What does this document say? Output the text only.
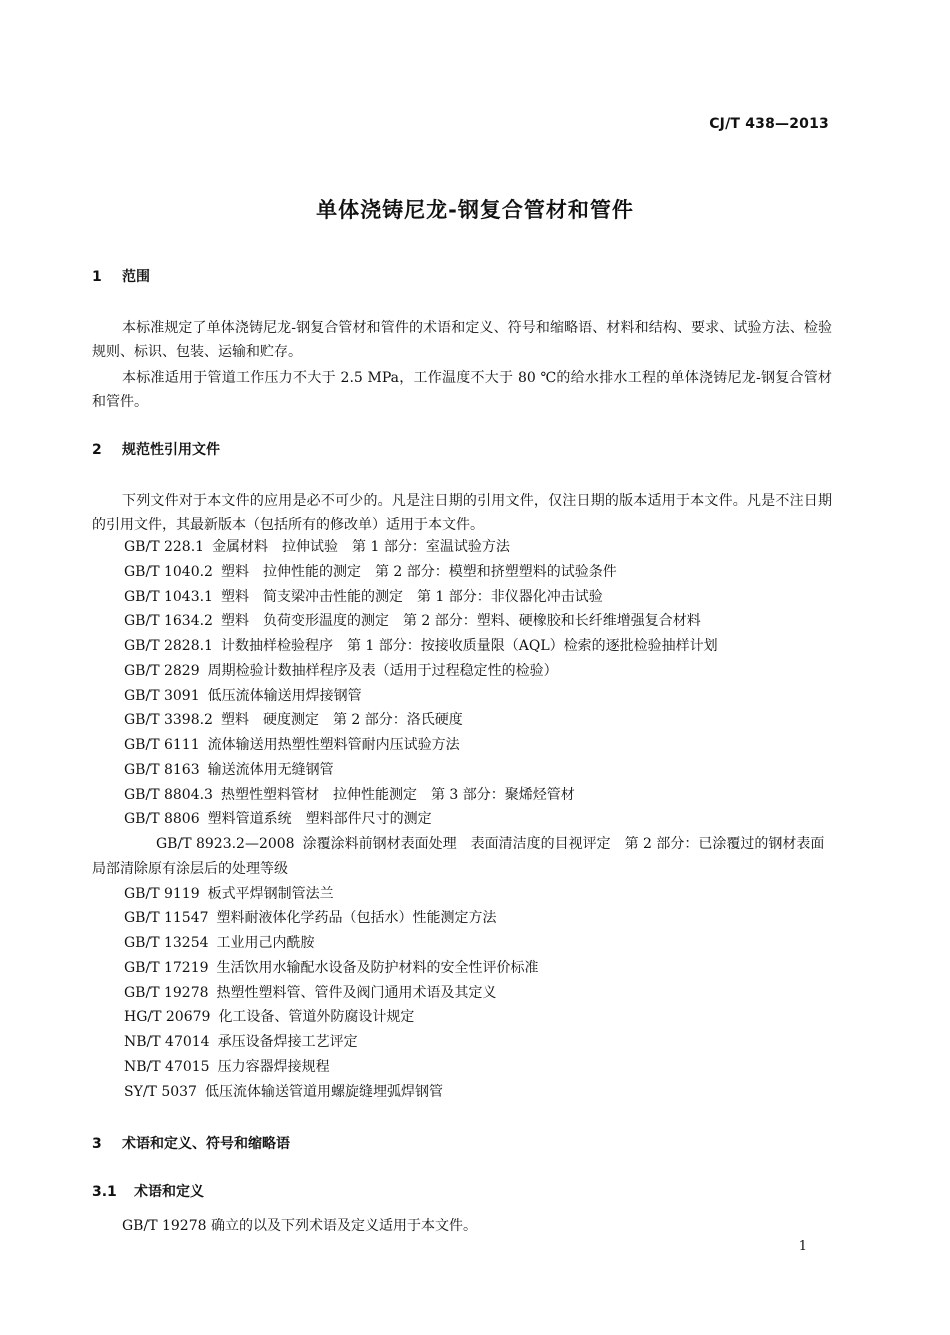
CJ/T 438—2013
单体浇铸尼龙-钢复合管材和管件
1 范围
本标准规定了单体浇铸尼龙-钢复合管材和管件的术语和定义、符号和缩略语、材料和结构、要求、试验方法、检验规则、标识、包装、运输和贮存。
本标准适用于管道工作压力不大于 2.5 MPa，工作温度不大于 80 ℃的给水排水工程的单体浇铸尼龙-钢复合管材和管件。
2 规范性引用文件
下列文件对于本文件的应用是必不可少的。凡是注日期的引用文件，仅注日期的版本适用于本文件。凡是不注日期的引用文件，其最新版本（包括所有的修改单）适用于本文件。
GB/T 228.1 金属材料　拉伸试验　第 1 部分：室温试验方法
GB/T 1040.2 塑料　拉伸性能的测定　第 2 部分：模塑和挤塑塑料的试验条件
GB/T 1043.1 塑料　简支梁冲击性能的测定　第 1 部分：非仪器化冲击试验
GB/T 1634.2 塑料　负荷变形温度的测定　第 2 部分：塑料、硬橡胶和长纤维增强复合材料
GB/T 2828.1 计数抽样检验程序　第 1 部分：按接收质量限（AQL）检索的逐批检验抽样计划
GB/T 2829 周期检验计数抽样程序及表（适用于过程稳定性的检验）
GB/T 3091 低压流体输送用焊接钢管
GB/T 3398.2 塑料　硬度测定　第 2 部分：洛氏硬度
GB/T 6111 流体输送用热塑性塑料管耐内压试验方法
GB/T 8163 输送流体用无缝钢管
GB/T 8804.3 热塑性塑料管材　拉伸性能测定　第 3 部分：聚烯烃管材
GB/T 8806 塑料管道系统　塑料部件尺寸的测定
GB/T 8923.2—2008 涂覆涂料前钢材表面处理　表面清洁度的目视评定　第 2 部分：已涂覆过的钢材表面局部清除原有涂层后的处理等级
GB/T 9119 板式平焊钢制管法兰
GB/T 11547 塑料耐液体化学药品（包括水）性能测定方法
GB/T 13254 工业用己内酰胺
GB/T 17219 生活饮用水输配水设备及防护材料的安全性评价标准
GB/T 19278 热塑性塑料管、管件及阀门通用术语及其定义
HG/T 20679 化工设备、管道外防腐设计规定
NB/T 47014 承压设备焊接工艺评定
NB/T 47015 压力容器焊接规程
SY/T 5037 低压流体输送管道用螺旋缝埋弧焊钢管
3 术语和定义、符号和缩略语
3.1 术语和定义
GB/T 19278 确立的以及下列术语及定义适用于本文件。
1
